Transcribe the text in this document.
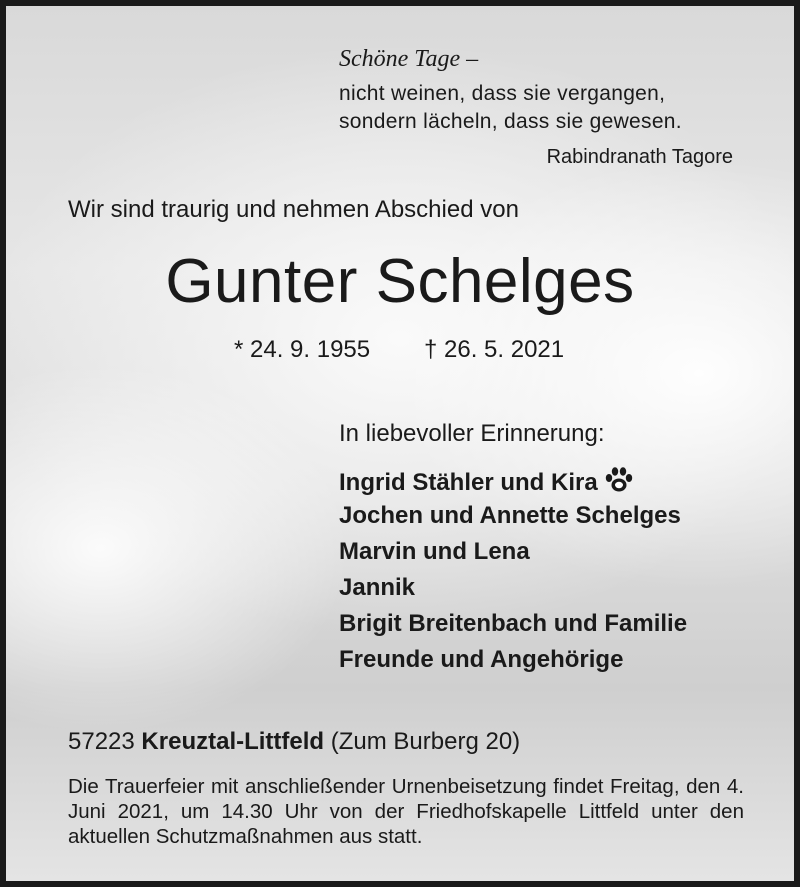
Schöne Tage –
nicht weinen, dass sie vergangen,
sondern lächeln, dass sie gewesen.
Rabindranath Tagore
Wir sind traurig und nehmen Abschied von
Gunter Schelges
* 24. 9. 1955 † 26. 5. 2021
In liebevoller Erinnerung:
Ingrid Stähler und Kira
Jochen und Annette Schelges
Marvin und Lena
Jannik
Brigit Breitenbach und Familie
Freunde und Angehörige
57223 Kreuztal-Littfeld (Zum Burberg 20)
Die Trauerfeier mit anschließender Urnenbeisetzung findet Freitag, den 4. Juni 2021, um 14.30 Uhr von der Friedhofskapelle Littfeld unter den aktuellen Schutzmaßnahmen aus statt.
